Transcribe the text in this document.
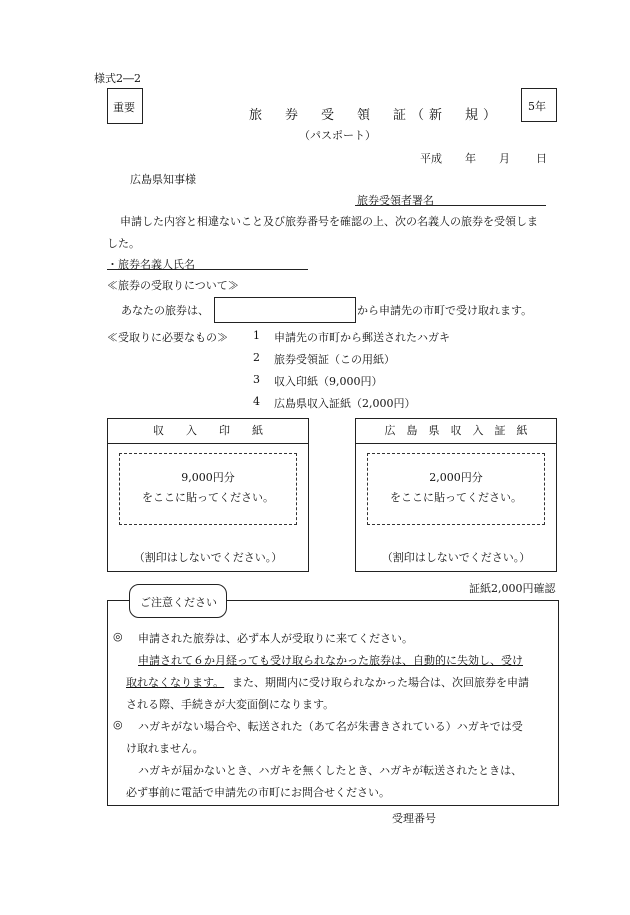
様式2―2
重要	5年
旅　券　受　領　証（新　規）
（パスポート）
平成 年 月 日
広島県知事様
旅券受領者署名
申請した内容と相違ないこと及び旅券番号を確認の上、次の名義人の旅券を受領しま
した。
・旅券名義人氏名
≪旅券の受取りについて≫
あなたの旅券は、	から申請先の市町で受け取れます。
≪受取りに必要なもの≫ 1 申請先の市町から郵送されたハガキ
2 旅券受領証（この用紙）
3 収入印紙（9,000円）
4 広島県収入証紙（2,000円）
収　　入　　印　　紙
9,000円分
をここに貼ってください。
（割印はしないでください。）
広　島　県　収　入　証　紙
2,000円分
をここに貼ってください。
（割印はしないでください。）
証紙2,000円確認
ご注意ください
◎ 申請された旅券は、必ず本人が受取りに来てください。
申請されて６か月経っても受け取られなかった旅券は、自動的に失効し、受け
取れなくなります。 また、期間内に受け取られなかった場合は、次回旅券を申請
される際、手続きが大変面倒になります。
◎ ハガキがない場合や、転送された（あて名が朱書きされている）ハガキでは受
け取れません。
ハガキが届かないとき、ハガキを無くしたとき、ハガキが転送されたときは、
必ず事前に電話で申請先の市町にお問合せください。
受理番号
